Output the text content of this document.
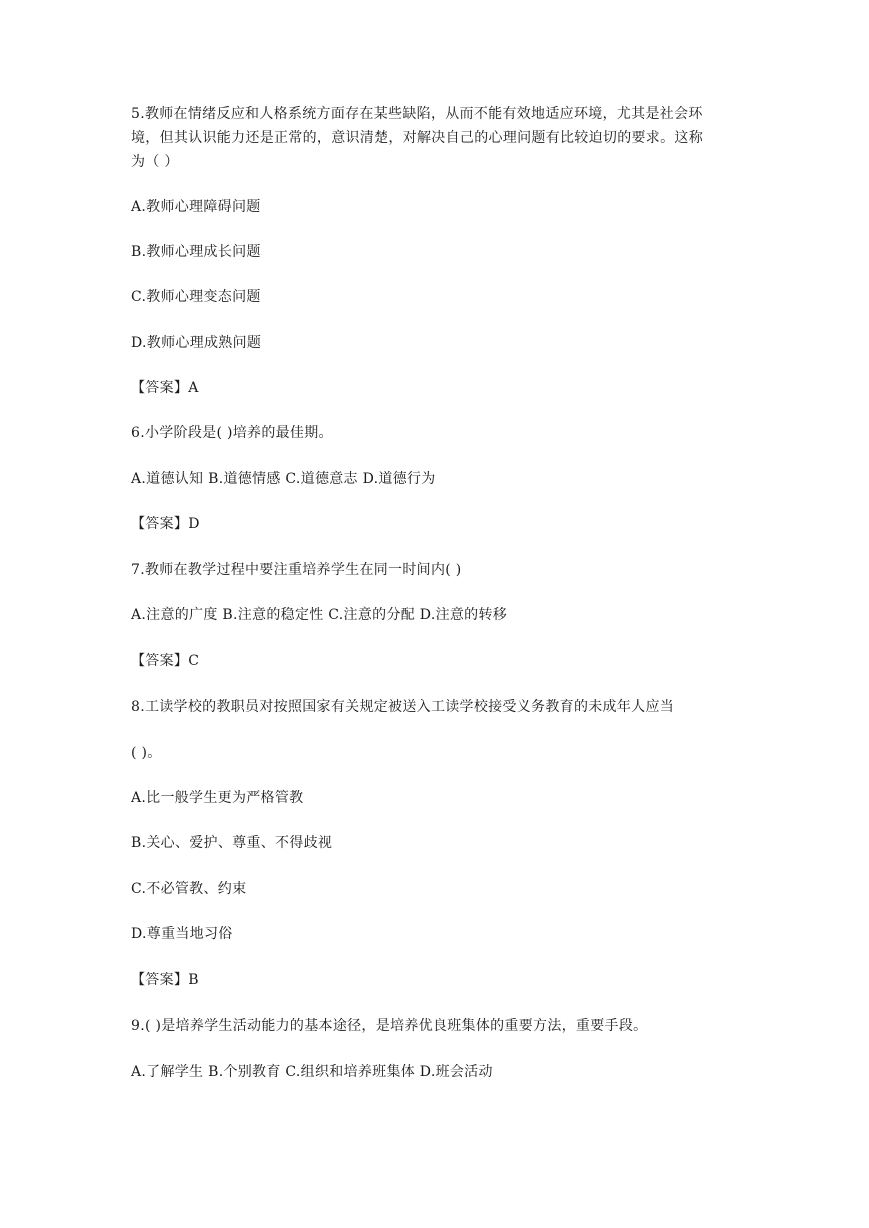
5.教师在情绪反应和人格系统方面存在某些缺陷，从而不能有效地适应环境，尤其是社会环
境，但其认识能力还是正常的，意识清楚，对解决自己的心理问题有比较迫切的要求。这称
为（ ）
A.教师心理障碍问题
B.教师心理成长问题
C.教师心理变态问题
D.教师心理成熟问题
【答案】A
6.小学阶段是( )培养的最佳期。
A.道德认知 B.道德情感 C.道德意志 D.道德行为
【答案】D
7.教师在教学过程中要注重培养学生在同一时间内( )
A.注意的广度 B.注意的稳定性 C.注意的分配 D.注意的转移
【答案】C
8.工读学校的教职员对按照国家有关规定被送入工读学校接受义务教育的未成年人应当
( )。
A.比一般学生更为严格管教
B.关心、爱护、尊重、不得歧视
C.不必管教、约束
D.尊重当地习俗
【答案】B
9.( )是培养学生活动能力的基本途径，是培养优良班集体的重要方法，重要手段。
A.了解学生 B.个别教育 C.组织和培养班集体 D.班会活动
